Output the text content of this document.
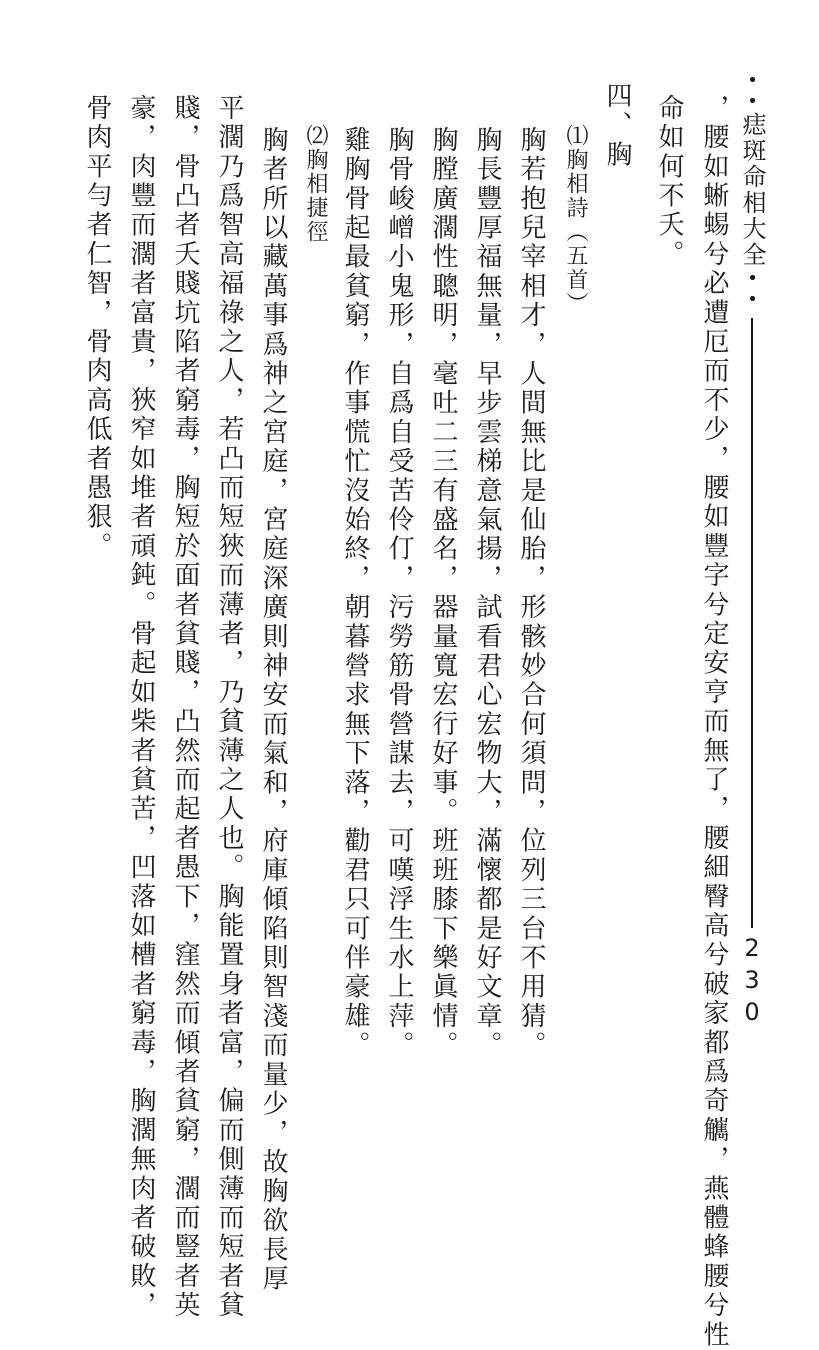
••
痣斑命相大全
••
230
，腰如蜥蜴兮必遭厄而不少，腰如豐字兮定安亨而無了，腰細臀高兮破家都爲奇觽，燕體蜂腰兮性
命如何不夭。
四、胸
⑴胸相詩（五首）
胸若抱兒宰相才，人間無比是仙胎，形骸妙合何須問，位列三台不用猜。
胸長豐厚福無量，早步雲梯意氣揚，試看君心宏物大，滿懷都是好文章。
胸膛廣濶性聰明，毫吐二三有盛名，器量寬宏行好事。班班膝下樂眞情。
胸骨峻嶒小鬼形，自爲自受苦伶仃，污勞筋骨營謀去，可嘆浮生水上萍。
雞胸骨起最貧窮，作事慌忙沒始終，朝暮營求無下落，勸君只可伴豪雄。
⑵胸相捷徑
胸者所以藏萬事爲神之宮庭，宮庭深廣則神安而氣和，府庫傾陷則智淺而量少，故胸欲長厚
平濶乃爲智高福祿之人，若凸而短狹而薄者，乃貧薄之人也。胸能置身者富，偏而側薄而短者貧
賤，骨凸者夭賤坑陷者窮毒，胸短於面者貧賤，凸然而起者愚下，窪然而傾者貧窮，濶而豎者英
豪，肉豐而濶者富貴，狹窄如堆者頑鈍。骨起如柴者貧苦，凹落如槽者窮毒，胸濶無肉者破敗，
骨肉平勻者仁智，骨肉高低者愚狠。
